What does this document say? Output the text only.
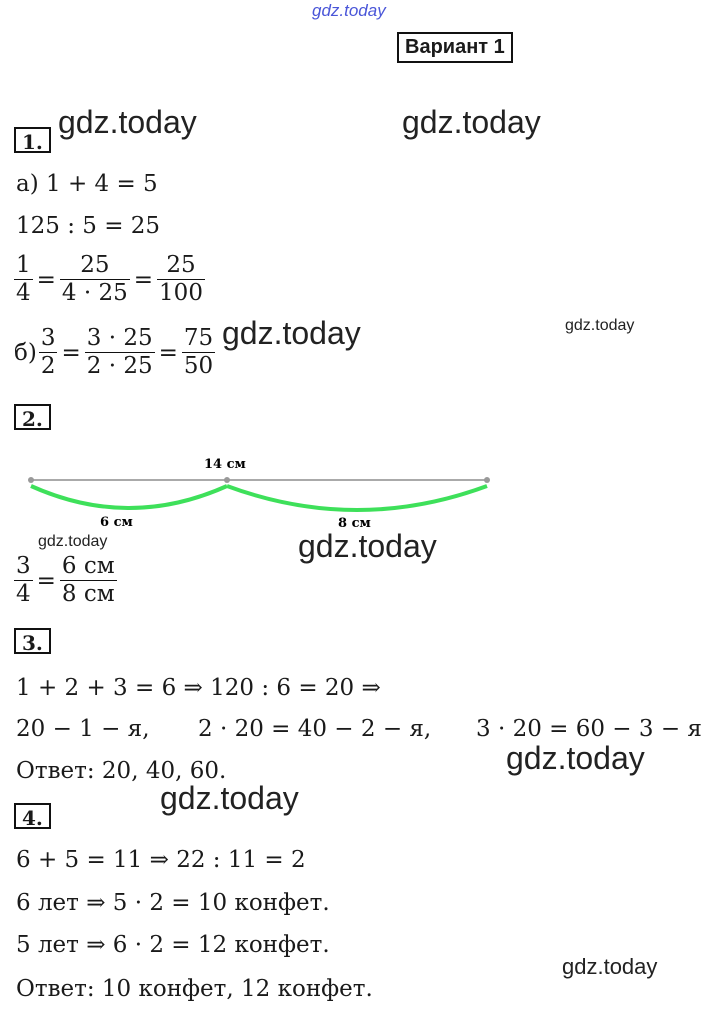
gdz.today
gdz.today	gdz.today
gdz.today	gdz.today
gdz.today	gdz.today
gdz.today
gdz.today
gdz.today
Вариант 1
1.
а) 1 + 4 = 5
125 : 5 = 25
$\frac{1}{4} = \frac{25}{4 \cdot 25} = \frac{25}{100}$
$б) \frac{3}{2} = \frac{3 \cdot 25}{2 \cdot 25} = \frac{75}{50}$
2.
14 см
6 см	8 см
$\frac{3}{4} = \frac{6 см}{8 см}$
3.
1 + 2 + 3 = 6 ⇒ 120 : 6 = 20 ⇒
20 − 1 − я, 2 · 20 = 40 − 2 − я, 3 · 20 = 60 − 3 − я
Ответ: 20, 40, 60.
4.
6 + 5 = 11 ⇒ 22 : 11 = 2
6 лет ⇒ 5 · 2 = 10 конфет.
5 лет ⇒ 6 · 2 = 12 конфет.
Ответ: 10 конфет, 12 конфет.
